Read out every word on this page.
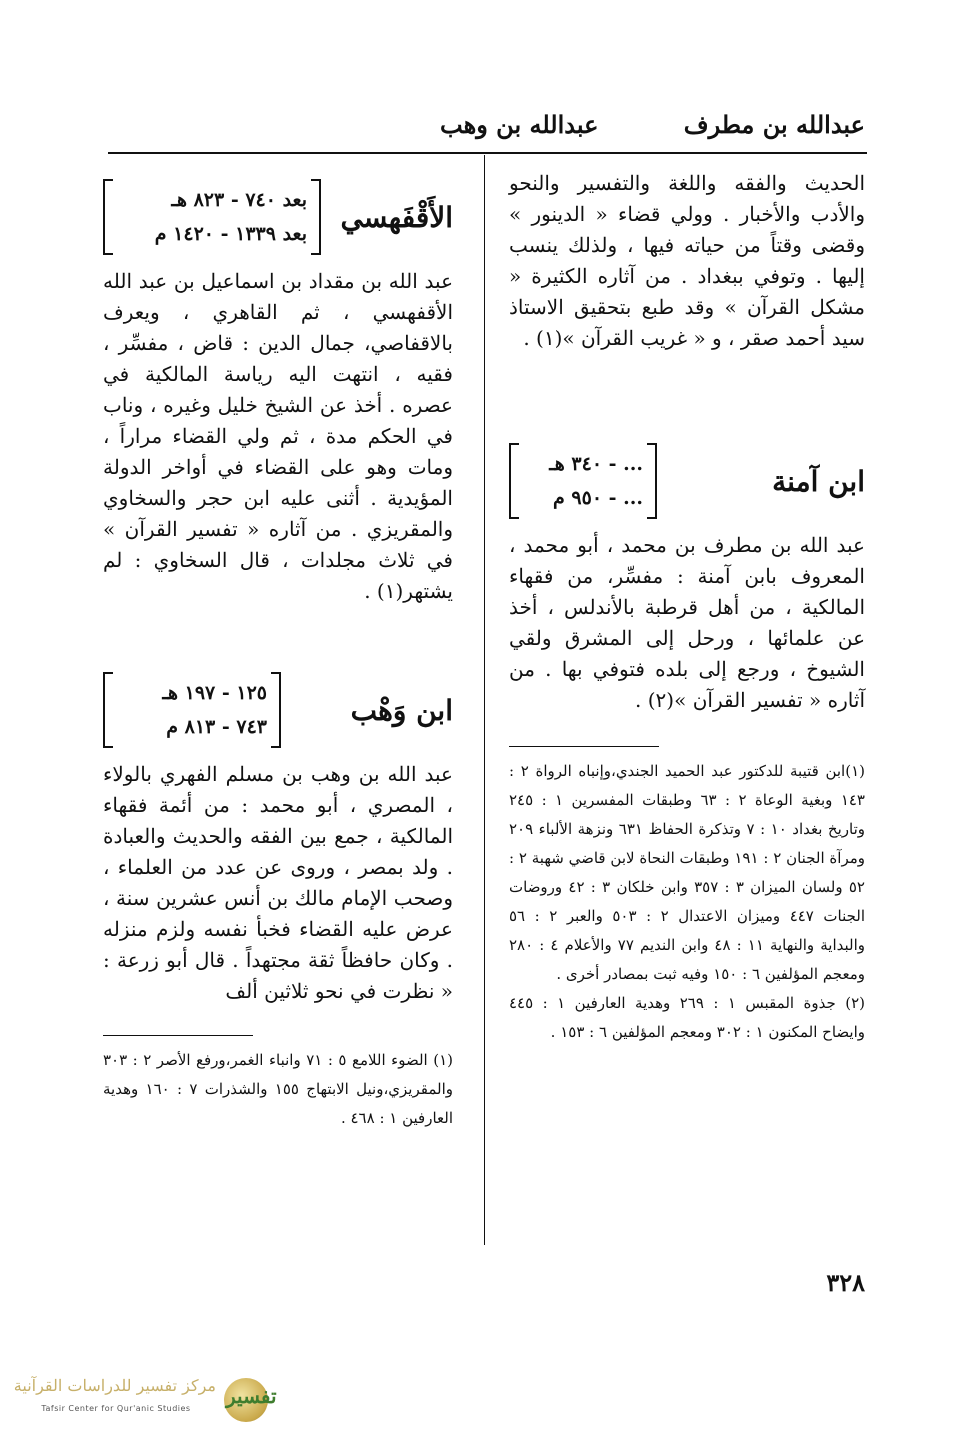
عبدالله بن مطرف
عبدالله بن وهب

الحديث والفقه واللغة والتفسير والنحو والأدب والأخبار . وولي قضاء « الدينور » وقضى وقتاً من حياته فيها ، ولذلك ينسب إليها . وتوفي ببغداد . من آثاره الكثيرة « مشكل القرآن » وقد طبع بتحقيق الاستاذ سيد أحمد صقر ، و « غريب القرآن »(١) .

ابن آمنة
... - ٣٤٠ هـ
... - ٩٥٠ م

عبد الله بن مطرف بن محمد ، أبو محمد ، المعروف بابن آمنة : مفسِّر، من فقهاء المالكية ، من أهل قرطبة بالأندلس ، أخذ عن علمائها ، ورحل إلى المشرق ولقي الشيوخ ، ورجع إلى بلده فتوفي بها . من آثاره « تفسير القرآن »(٢) .

(١)ابن قتيبة للدكتور عبد الحميد الجندي،وإنباه الرواة ٢ : ١٤٣ وبغية الوعاة ٢ : ٦٣ وطبقات المفسرين ١ : ٢٤٥ وتاريخ بغداد ١٠ : ٧ وتذكرة الحفاظ ٦٣١ ونزهة الألباء ٢٠٩ ومرآة الجنان ٢ : ١٩١ وطبقات النحاة لابن قاضي شهبة ٢ : ٥٢ ولسان الميزان ٣ : ٣٥٧ وابن خلكان ٣ : ٤٢ وروضات الجنات ٤٤٧ وميزان الاعتدال ٢ : ٥٠٣ والعبر ٢ : ٥٦ والبداية والنهاية ١١ : ٤٨ وابن النديم ٧٧ والأعلام ٤ : ٢٨٠ ومعجم المؤلفين ٦ : ١٥٠ وفيه ثبت بمصادر أخرى .

(٢) جذوة المقبس ١ : ٢٦٩ وهدية العارفين ١ : ٤٤٥ وايضاح المكنون ١ : ٣٠٢ ومعجم المؤلفين ٦ : ١٥٣ .

الأَقْفَهسي
بعد ٧٤٠ - ٨٢٣ هـ
بعد ١٣٣٩ - ١٤٢٠ م

عبد الله بن مقداد بن اسماعيل بن عبد الله الأقفهسي ، ثم القاهري ، ويعرف بالاقفاصي، جمال الدين : قاض ، مفسِّر ، فقيه ، انتهت اليه رياسة المالكية في عصره . أخذ عن الشيخ خليل وغيره ، وناب في الحكم مدة ، ثم ولي القضاء مراراً ، ومات وهو على القضاء في أواخر الدولة المؤيدية . أثنى عليه ابن حجر والسخاوي والمقريزي . من آثاره « تفسير القرآن » في ثلاث مجلدات ، قال السخاوي : لم يشتهر(١) .

ابن وَهْب
١٢٥ - ١٩٧ هـ
٧٤٣ - ٨١٣ م

عبد الله بن وهب بن مسلم الفهري بالولاء ، المصري ، أبو محمد : من أئمة فقهاء المالكية ، جمع بين الفقه والحديث والعبادة . ولد بمصر ، وروى عن عدد من العلماء ، وصحب الإمام مالك بن أنس عشرين سنة ، عرض عليه القضاء فخبأ نفسه ولزم منزله . وكان حافظاً ثقة مجتهداً . قال أبو زرعة : « نظرت في نحو ثلاثين ألف

(١) الضوء اللامع ٥ : ٧١ وانباء الغمر،ورفع الأصر ٢ : ٣٠٣ والمقريزي،ونيل الابتهاج ١٥٥ والشذرات ٧ : ١٦٠ وهدية العارفين ١ : ٤٦٨ .

٣٢٨
تفسير
مركز تفسير للدراسات القرآنية
Tafsir Center for Qur'anic Studies
